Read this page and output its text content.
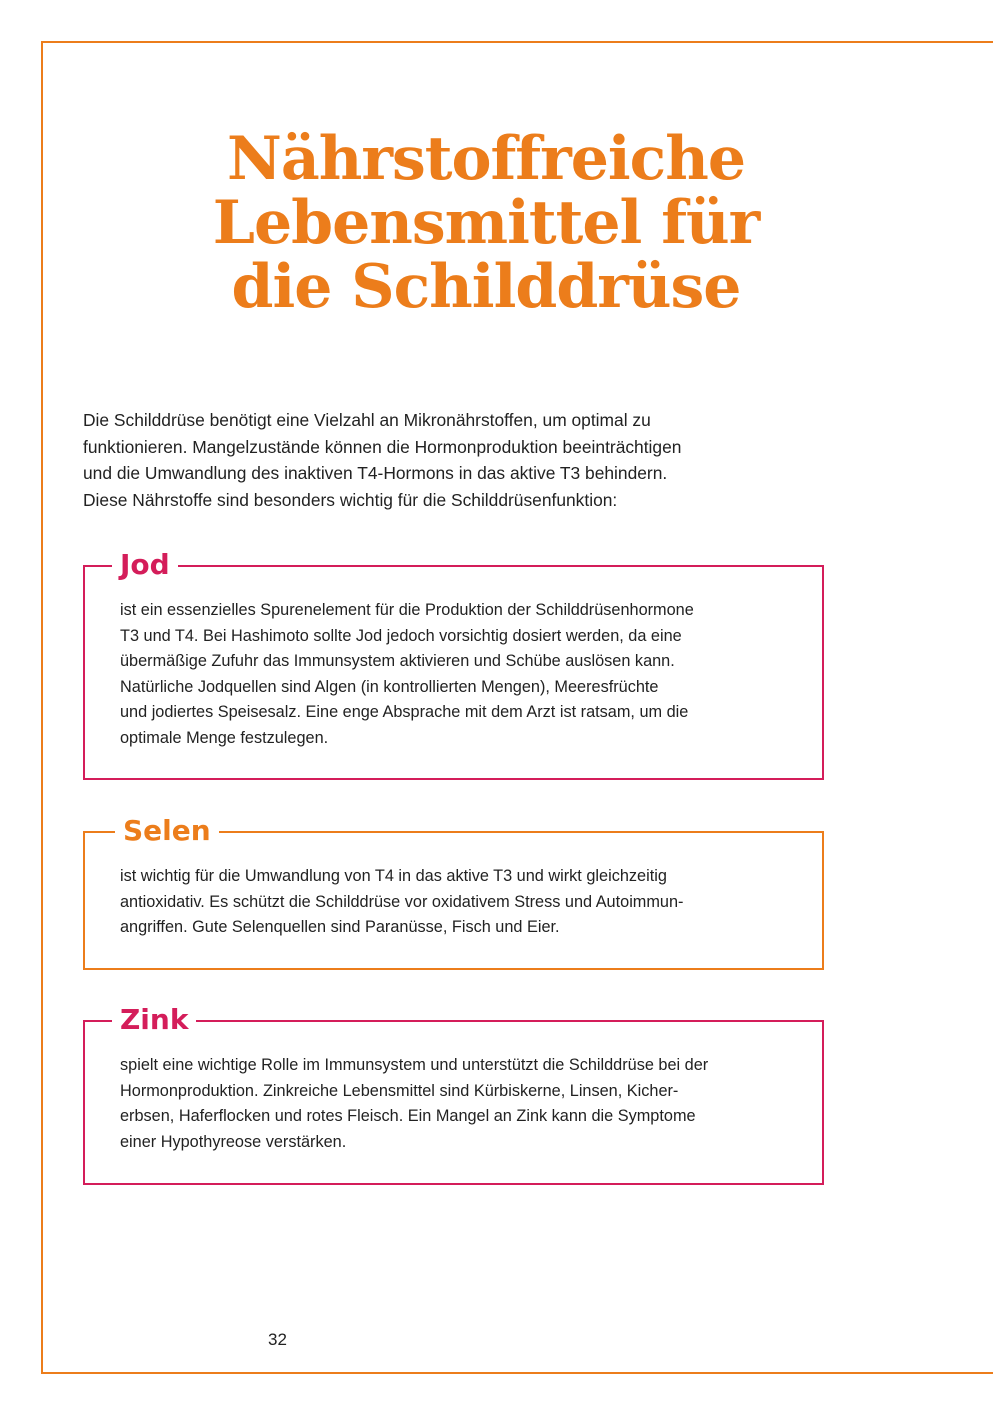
Nährstoffreiche
Lebensmittel für
die Schilddrüse

Die Schilddrüse benötigt eine Vielzahl an Mikronährstoffen, um optimal zu
funktionieren. Mangelzustände können die Hormonproduktion beeinträchtigen
und die Umwandlung des inaktiven T4-Hormons in das aktive T3 behindern.
Diese Nährstoffe sind besonders wichtig für die Schilddrüsenfunktion:

Jod

ist ein essenzielles Spurenelement für die Produktion der Schilddrüsenhormone
T3 und T4. Bei Hashimoto sollte Jod jedoch vorsichtig dosiert werden, da eine
übermäßige Zufuhr das Immunsystem aktivieren und Schübe auslösen kann.
Natürliche Jodquellen sind Algen (in kontrollierten Mengen), Meeresfrüchte
und jodiertes Speisesalz. Eine enge Absprache mit dem Arzt ist ratsam, um die
optimale Menge festzulegen.

Selen

ist wichtig für die Umwandlung von T4 in das aktive T3 und wirkt gleichzeitig
antioxidativ. Es schützt die Schilddrüse vor oxidativem Stress und Autoimmun-
angriffen. Gute Selenquellen sind Paranüsse, Fisch und Eier.

Zink

spielt eine wichtige Rolle im Immunsystem und unterstützt die Schilddrüse bei der
Hormonproduktion. Zinkreiche Lebensmittel sind Kürbiskerne, Linsen, Kicher-
erbsen, Haferflocken und rotes Fleisch. Ein Mangel an Zink kann die Symptome
einer Hypothyreose verstärken.

32
